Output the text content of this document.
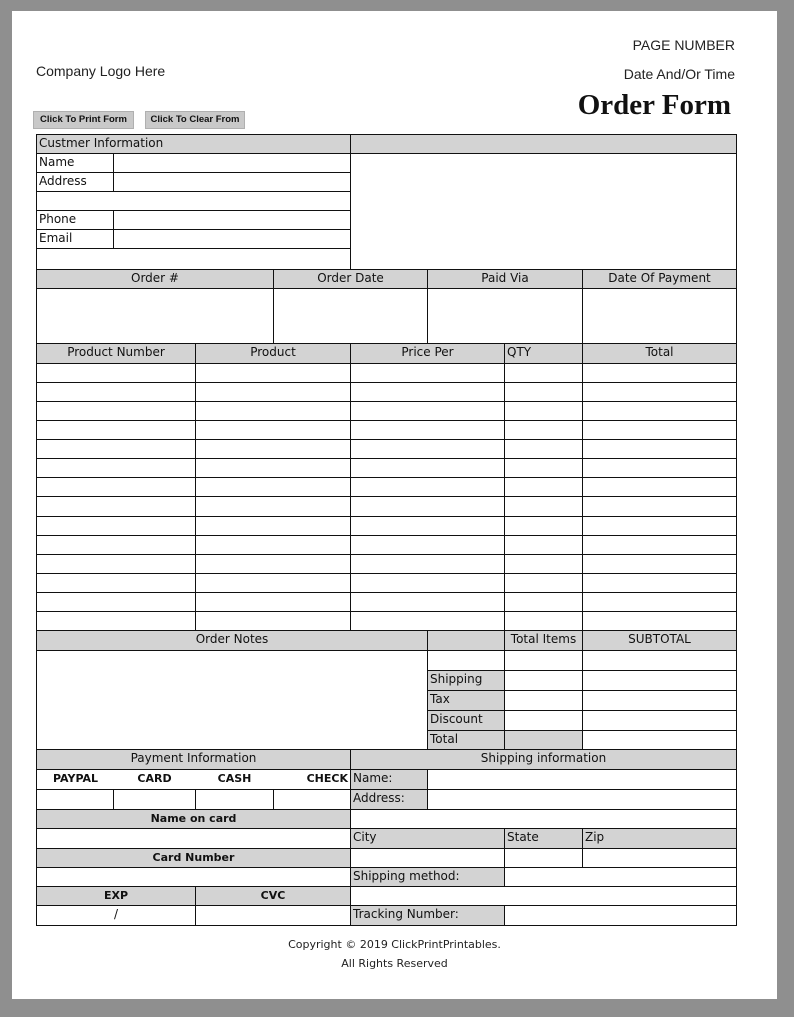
Company Logo Here
PAGE NUMBER
Date And/Or Time
Order Form
Click To Print Form	Click To Clear From
Custmer Information
Name
Address
Phone
Email
Order #	Order Date	Paid Via	Date Of Payment
Product Number	Product	Price Per	QTY	Total
Order Notes	Total Items	SUBTOTAL
Shipping
Tax
Discount
Total
Payment Information
PAYPAL	CARD	CASH	CHECK
Name on card
Card Number
EXP	CVC
/
Shipping information
Name:
Address:
City	State	Zip
Shipping method:
Tracking Number:
Copyright © 2019 ClickPrintPrintables.
All Rights Reserved
